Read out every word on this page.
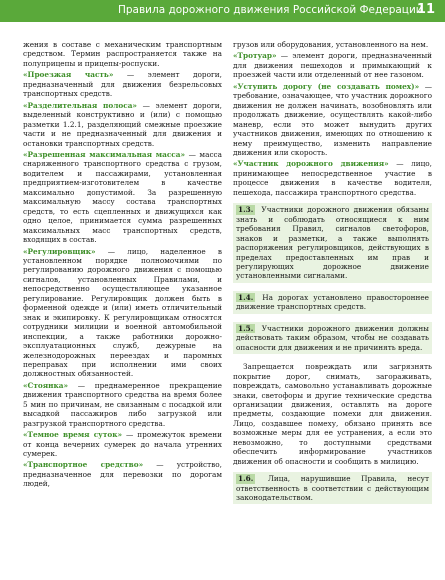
Правила дорожного движения Российской Федерации
11

жения в составе с механическим транспортным средством. Термин распространяется также на полуприцепы и прицепы-роспуски.

«Проезжая часть» — элемент дороги, предназначенный для движения безрельсовых транспортных средств.

«Разделительная полоса» — элемент дороги, выделенный конструктивно и (или) с помощью разметки 1.2.1, разделяющий смежные проезжие части и не предназначенный для движения и остановки транспортных средств.

«Разрешенная максимальная масса» — масса снаряженного транспортного средства с грузом, водителем и пассажирами, установленная предприятием-изготовителем в качестве максимально допустимой. За разрешенную максимальную массу состава транспортных средств, то есть сцепленных и движущихся как одно целое, принимается сумма разрешенных максимальных масс транспортных средств, входящих в состав.

«Регулировщик» — лицо, наделенное в установленном порядке полномочиями по регулированию дорожного движения с помощью сигналов, установленных Правилами, и непосредственно осуществляющее указанное регулирование. Регулировщик должен быть в форменной одежде и (или) иметь отличительный знак и экипировку. К регулировщикам относятся сотрудники милиции и военной автомобильной инспекции, а также работники дорожно-эксплуатационных служб, дежурные на железнодорожных переездах и паромных переправах при исполнении ими своих должностных обязанностей.

«Стоянка» — преднамеренное прекращение движения транспортного средства на время более 5 мин по причинам, не связанным с посадкой или высадкой пассажиров либо загрузкой или разгрузкой транспортного средства.

«Темное время суток» — промежуток времени от конца вечерних сумерек до начала утренних сумерек.

«Транспортное средство» — устройство, предназначенное для перевозки по дорогам людей,

грузов или оборудования, установленного на нем.

«Тротуар» — элемент дороги, предназначенный для движения пешеходов и примыкающий к проезжей части или отделенный от нее газоном.

«Уступить дорогу (не создавать помех)» — требование, означающее, что участник дорожного движения не должен начинать, возобновлять или продолжать движение, осуществлять какой-либо маневр, если это может вынудить других участников движения, имеющих по отношению к нему преимущество, изменить направление движения или скорость.

«Участник дорожного движения» — лицо, принимающее непосредственное участие в процессе движения в качестве водителя, пешехода, пассажира транспортного средства.

1.3. Участники дорожного движения обязаны знать и соблюдать относящиеся к ним требования Правил, сигналов светофоров, знаков и разметки, а также выполнять распоряжения регулировщиков, действующих в пределах предоставленных им прав и регулирующих дорожное движение установленными сигналами.
1.4. На дорогах установлено правостороннее движение транспортных средств.
1.5. Участники дорожного движения должны действовать таким образом, чтобы не создавать опасности для движения и не причинять вреда.

Запрещается повреждать или загрязнять покрытие дорог, снимать, загораживать, повреждать, самовольно устанавливать дорожные знаки, светофоры и другие технические средства организации движения, оставлять на дороге предметы, создающие помехи для движения. Лицо, создавшее помеху, обязано принять все возможные меры для ее устранения, а если это невозможно, то доступными средствами обеспечить информирование участников движения об опасности и сообщить в милицию.

1.6. Лица, нарушившие Правила, несут ответственность в соответствии с действующим законодательством.
